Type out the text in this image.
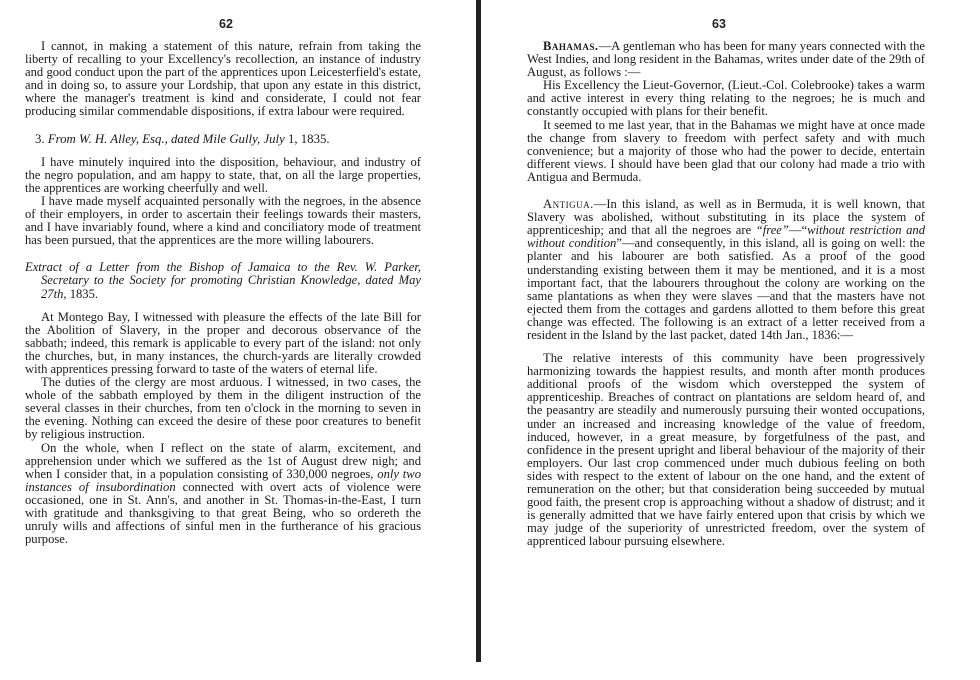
62

I cannot, in making a statement of this nature, refrain from taking the liberty of recalling to your Excellency's recollection, an instance of industry and good conduct upon the part of the apprentices upon Leicesterfield's estate, and in doing so, to assure your Lordship, that upon any estate in this district, where the manager's treatment is kind and considerate, I could not fear producing similar commendable dispositions, if extra labour were required.

3. From W. H. Alley, Esq., dated Mile Gully, July 1, 1835.

I have minutely inquired into the disposition, behaviour, and industry of the negro population, and am happy to state, that, on all the large properties, the apprentices are working cheerfully and well.

I have made myself acquainted personally with the negroes, in the absence of their employers, in order to ascertain their feelings towards their masters, and I have invariably found, where a kind and conciliatory mode of treatment has been pursued, that the apprentices are the more willing labourers.

Extract of a Letter from the Bishop of Jamaica to the Rev. W. Parker, Secretary to the Society for promoting Christian Knowledge, dated May 27th, 1835.

At Montego Bay, I witnessed with pleasure the effects of the late Bill for the Abolition of Slavery, in the proper and decorous observance of the sabbath; indeed, this remark is applicable to every part of the island: not only the churches, but, in many instances, the church-yards are literally crowded with apprentices pressing forward to taste of the waters of eternal life.

The duties of the clergy are most arduous. I witnessed, in two cases, the whole of the sabbath employed by them in the diligent instruction of the several classes in their churches, from ten o'clock in the morning to seven in the evening. Nothing can exceed the desire of these poor creatures to benefit by religious instruction.

On the whole, when I reflect on the state of alarm, excitement, and apprehension under which we suffered as the 1st of August drew nigh; and when I consider that, in a population consisting of 330,000 negroes, only two instances of insubordination connected with overt acts of violence were occasioned, one in St. Ann's, and another in St. Thomas-in-the-East, I turn with gratitude and thanksgiving to that great Being, who so ordereth the unruly wills and affections of sinful men in the furtherance of his gracious purpose.

63

Bahamas.—A gentleman who has been for many years connected with the West Indies, and long resident in the Bahamas, writes under date of the 29th of August, as follows :—

His Excellency the Lieut-Governor, (Lieut.-Col. Colebrooke) takes a warm and active interest in every thing relating to the negroes; he is much and constantly occupied with plans for their benefit.

It seemed to me last year, that in the Bahamas we might have at once made the change from slavery to freedom with perfect safety and with much convenience; but a majority of those who had the power to decide, entertain different views. I should have been glad that our colony had made a trio with Antigua and Bermuda.

Antigua.—In this island, as well as in Bermuda, it is well known, that Slavery was abolished, without substituting in its place the system of apprenticeship; and that all the negroes are “free”—“without restriction and without condition”—and consequently, in this island, all is going on well: the planter and his labourer are both satisfied. As a proof of the good understanding existing between them it may be mentioned, and it is a most important fact, that the labourers throughout the colony are working on the same plantations as when they were slaves —and that the masters have not ejected them from the cottages and gardens allotted to them before this great change was effected. The following is an extract of a letter received from a resident in the Island by the last packet, dated 14th Jan., 1836:—

The relative interests of this community have been progressively harmonizing towards the happiest results, and month after month produces additional proofs of the wisdom which overstepped the system of apprenticeship. Breaches of contract on plantations are seldom heard of, and the peasantry are steadily and numerously pursuing their wonted occupations, under an increased and increasing knowledge of the value of freedom, induced, however, in a great measure, by forgetfulness of the past, and confidence in the present upright and liberal behaviour of the majority of their employers. Our last crop commenced under much dubious feeling on both sides with respect to the extent of labour on the one hand, and the extent of remuneration on the other; but that consideration being succeeded by mutual good faith, the present crop is approaching without a shadow of distrust; and it is generally admitted that we have fairly entered upon that crisis by which we may judge of the superiority of unrestricted freedom, over the system of apprenticed labour pursuing elsewhere.
